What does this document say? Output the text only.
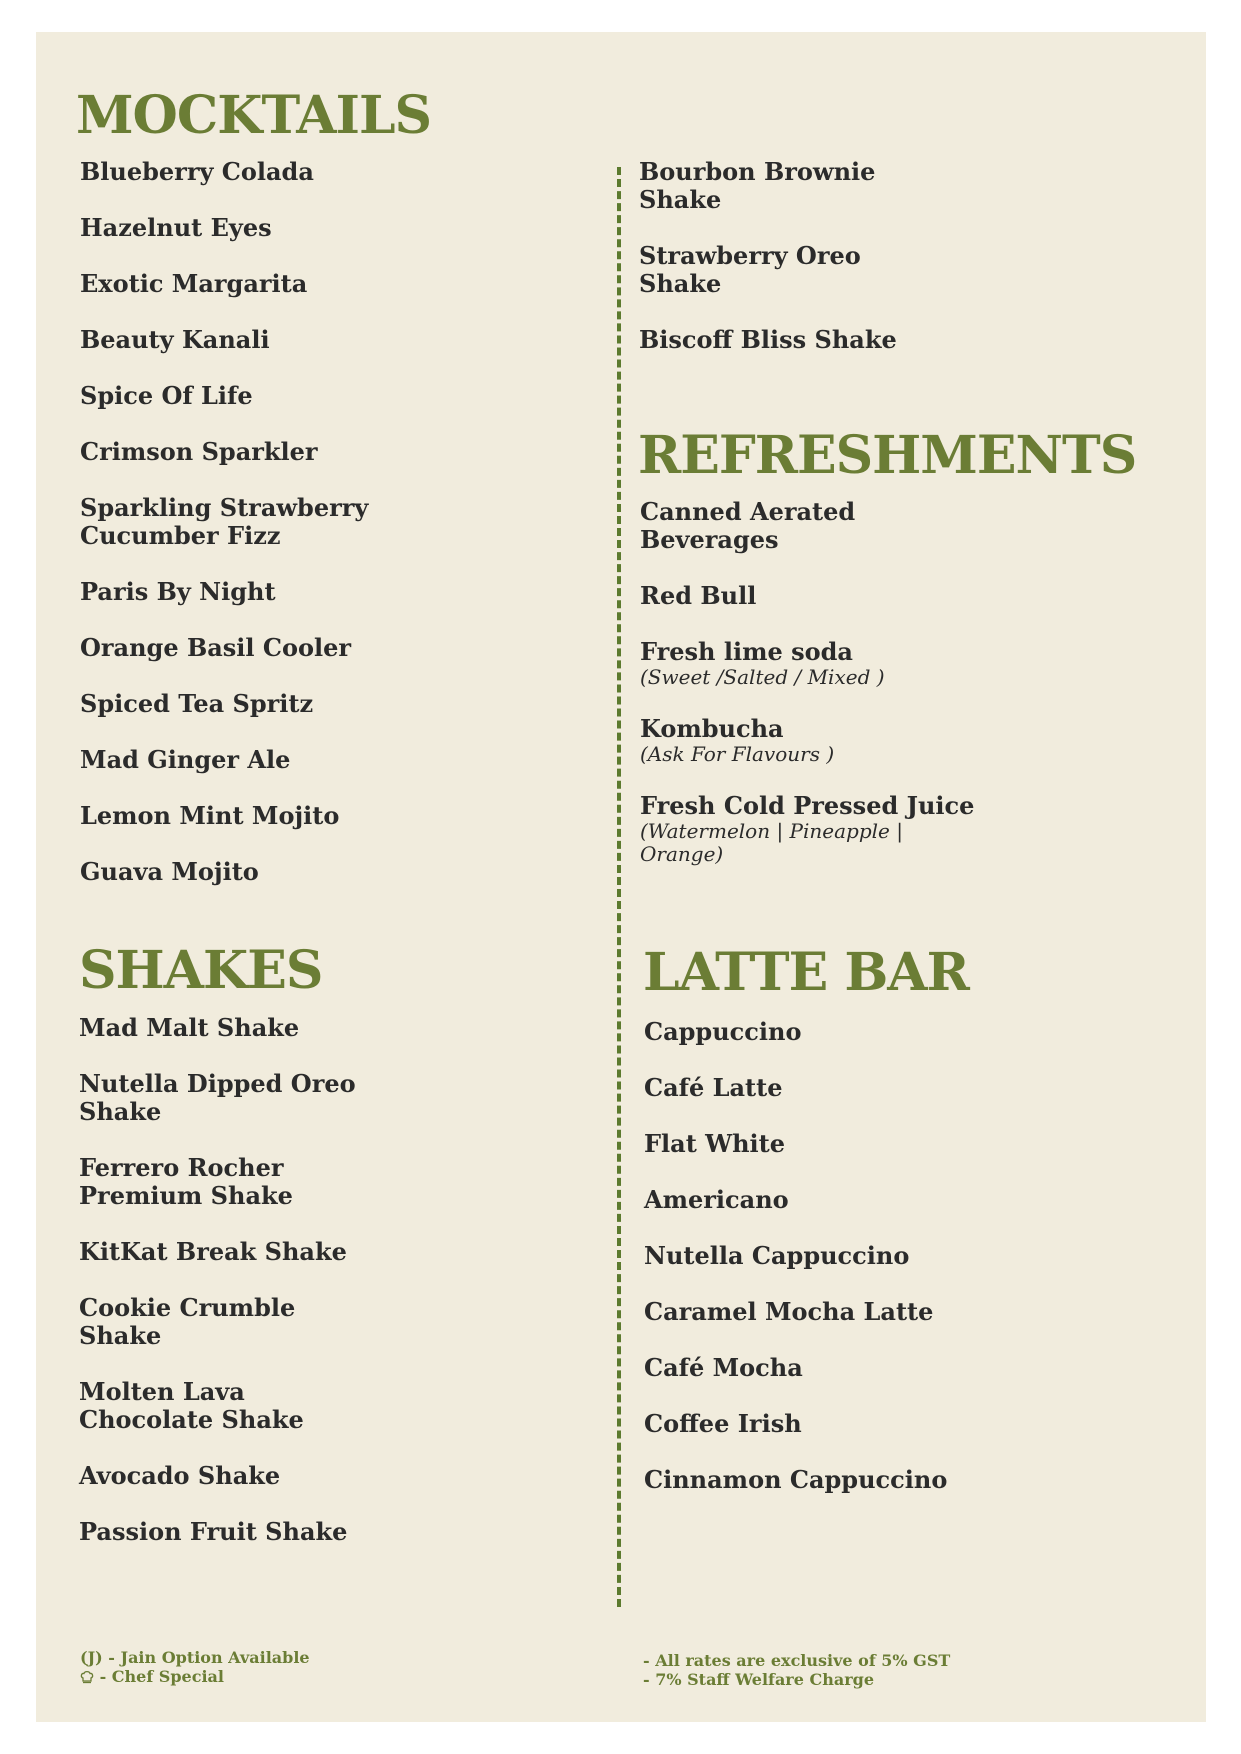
MOCKTAILS
Blueberry Colada
Hazelnut Eyes
Exotic Margarita
Beauty Kanali
Spice Of Life
Crimson Sparkler
Sparkling Strawberry
Cucumber Fizz
Paris By Night
Orange Basil Cooler
Spiced Tea Spritz
Mad Ginger Ale
Lemon Mint Mojito
Guava Mojito
SHAKES
Mad Malt Shake
Nutella Dipped Oreo
Shake
Ferrero Rocher
Premium Shake
KitKat Break Shake
Cookie Crumble
Shake
Molten Lava
Chocolate Shake
Avocado Shake
Passion Fruit Shake
Bourbon Brownie
Shake
Strawberry Oreo
Shake
Biscoff Bliss Shake
REFRESHMENTS
Canned Aerated
Beverages
Red Bull
Fresh lime soda
(Sweet /Salted / Mixed )
Kombucha
(Ask For Flavours )
Fresh Cold Pressed Juice
(Watermelon | Pineapple |
Orange)
LATTE BAR
Cappuccino
Café Latte
Flat White
Americano
Nutella Cappuccino
Caramel Mocha Latte
Café Mocha
Coffee Irish
Cinnamon Cappuccino
(J) - Jain Option Available
- Chef Special
- All rates are exclusive of 5% GST
- 7% Staff Welfare Charge
